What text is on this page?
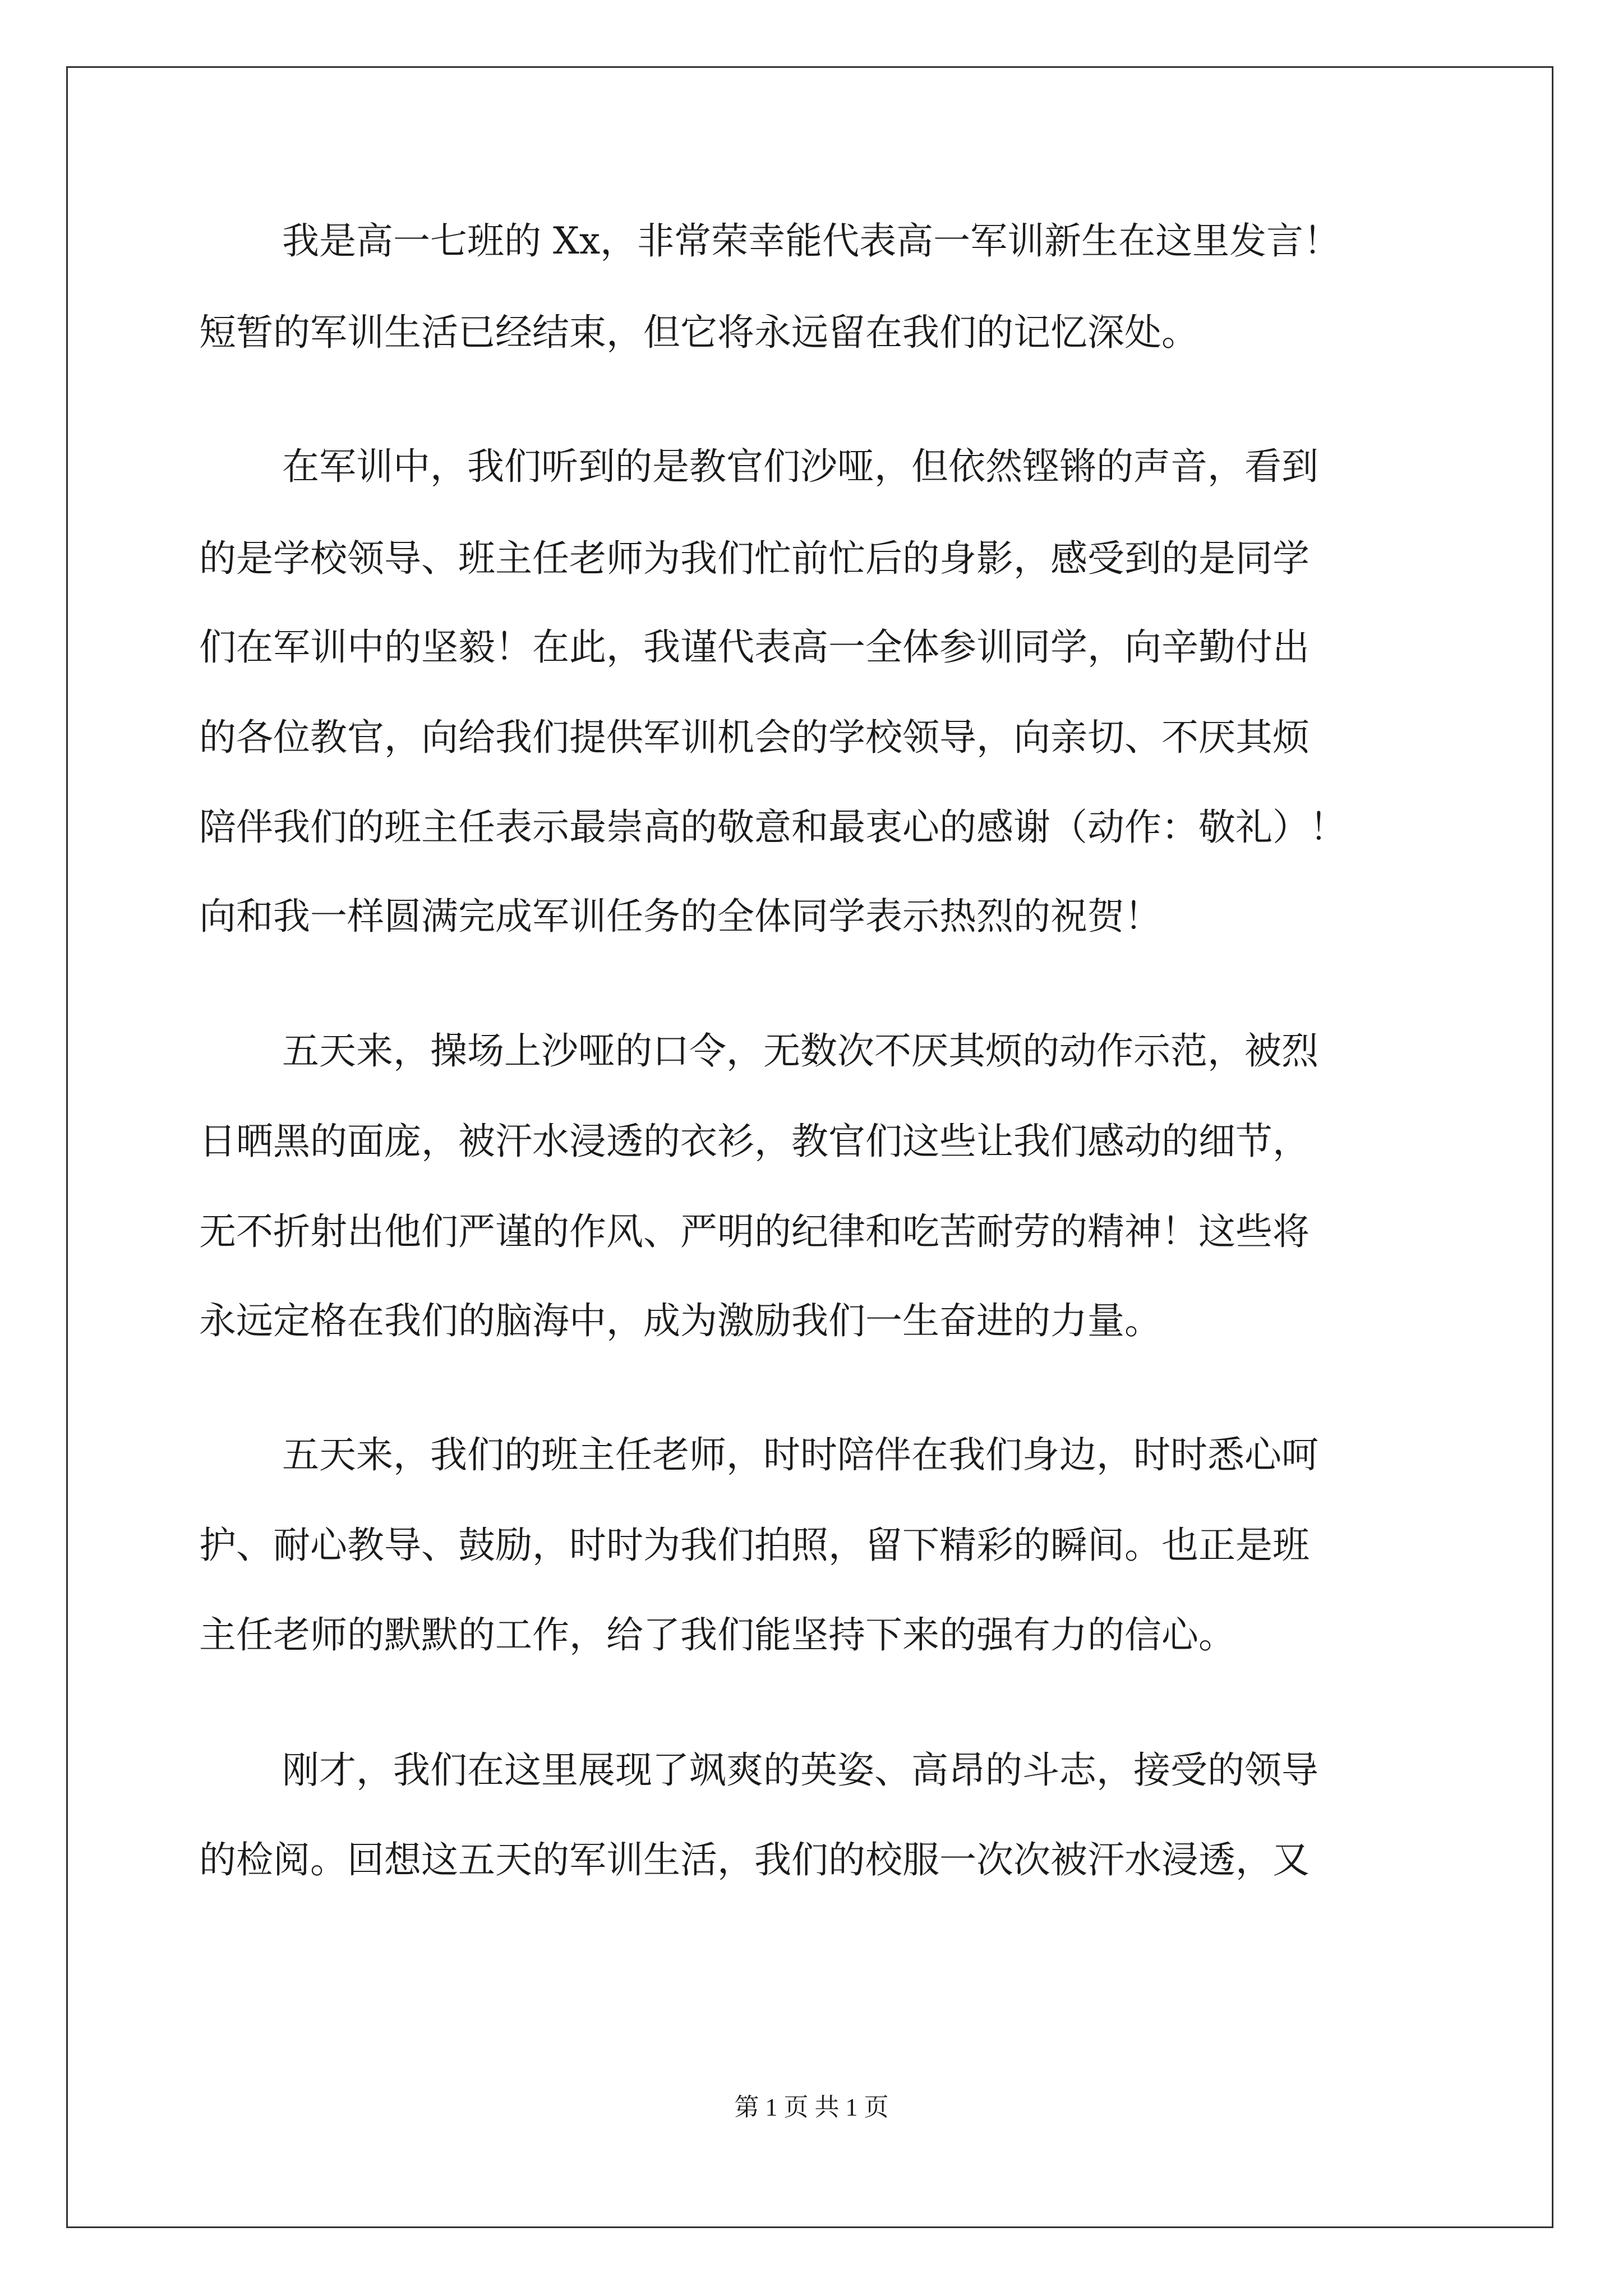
我是高一七班的 Xx，非常荣幸能代表高一军训新生在这里发言！
短暂的军训生活已经结束，但它将永远留在我们的记忆深处。
在军训中，我们听到的是教官们沙哑，但依然铿锵的声音，看到
的是学校领导、班主任老师为我们忙前忙后的身影，感受到的是同学
们在军训中的坚毅！在此，我谨代表高一全体参训同学，向辛勤付出
的各位教官，向给我们提供军训机会的学校领导，向亲切、不厌其烦
陪伴我们的班主任表示最崇高的敬意和最衷心的感谢（动作：敬礼）！
向和我一样圆满完成军训任务的全体同学表示热烈的祝贺！
五天来，操场上沙哑的口令，无数次不厌其烦的动作示范，被烈
日晒黑的面庞，被汗水浸透的衣衫，教官们这些让我们感动的细节，
无不折射出他们严谨的作风、严明的纪律和吃苦耐劳的精神！这些将
永远定格在我们的脑海中，成为激励我们一生奋进的力量。
五天来，我们的班主任老师，时时陪伴在我们身边，时时悉心呵
护、耐心教导、鼓励，时时为我们拍照，留下精彩的瞬间。也正是班
主任老师的默默的工作，给了我们能坚持下来的强有力的信心。
刚才，我们在这里展现了飒爽的英姿、高昂的斗志，接受的领导
的检阅。回想这五天的军训生活，我们的校服一次次被汗水浸透，又
第 1 页 共 1 页
